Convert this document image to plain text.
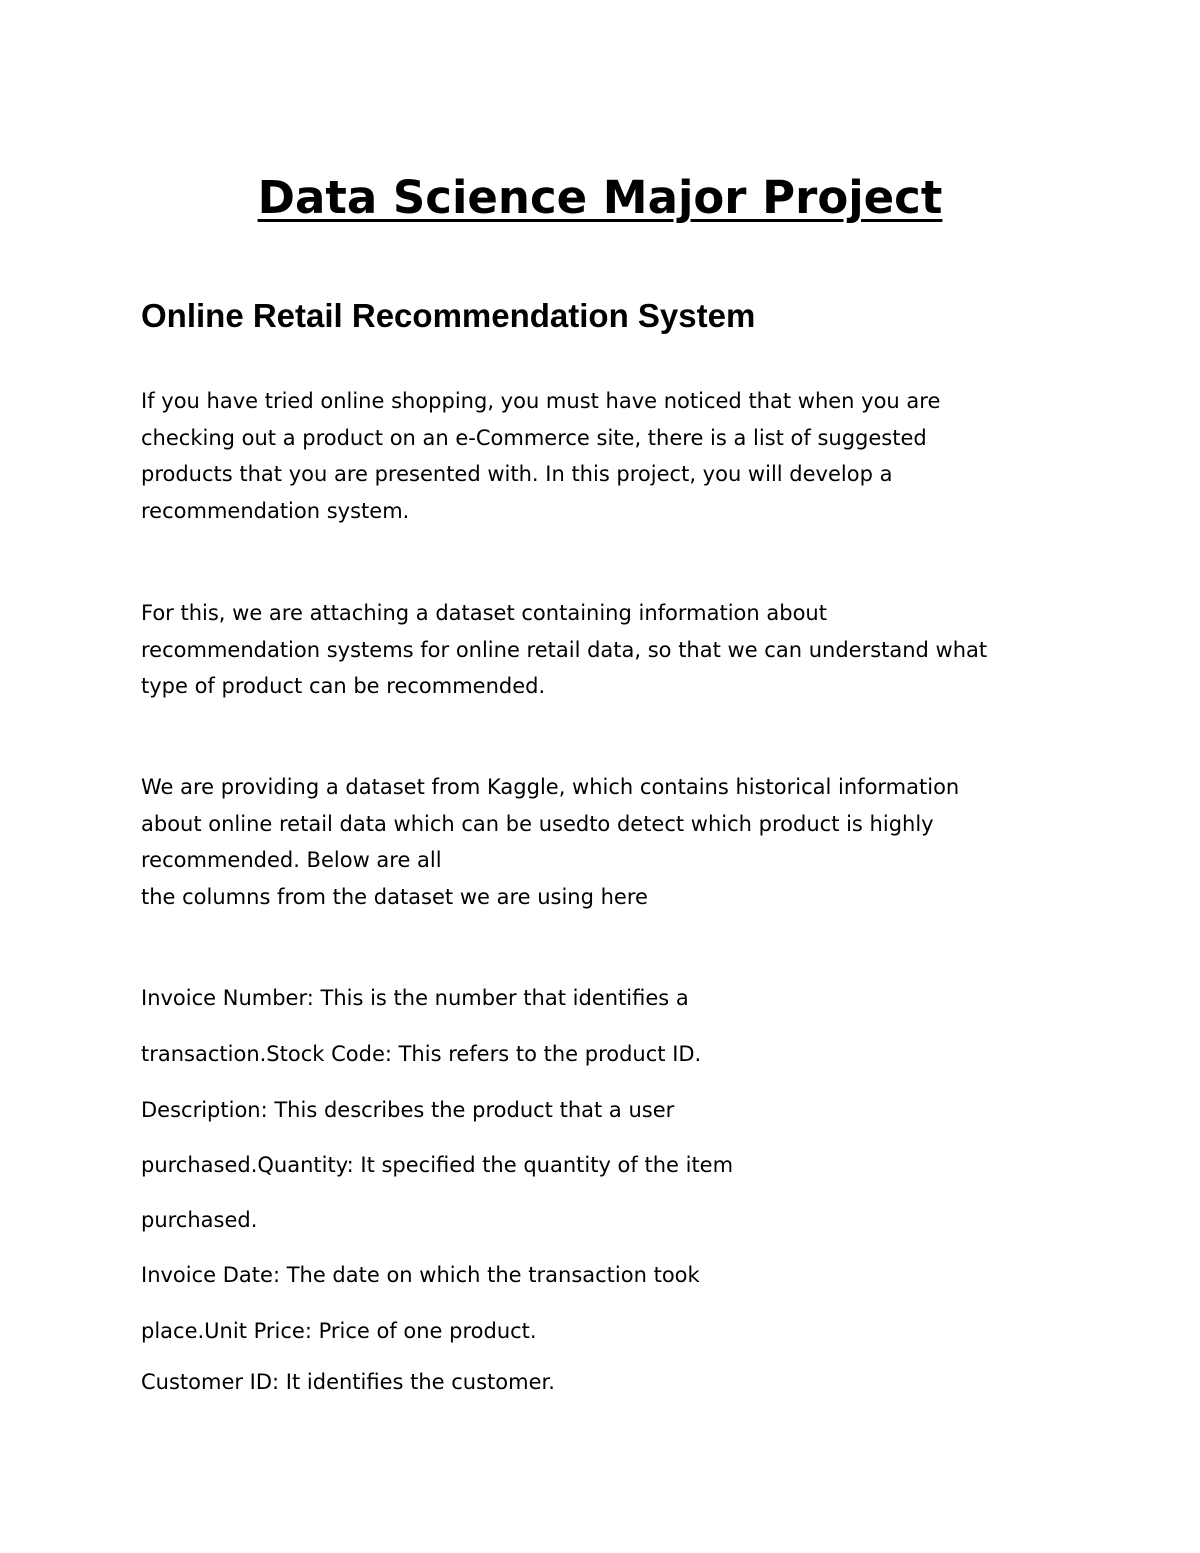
Data Science Major Project
Online Retail Recommendation System

If you have tried online shopping, you must have noticed that when you are
checking out a product on an e-Commerce site, there is a list of suggested
products that you are presented with. In this project, you will develop a
recommendation system.

For this, we are attaching a dataset containing information about
recommendation systems for online retail data, so that we can understand what
type of product can be recommended.

We are providing a dataset from Kaggle, which contains historical information
about online retail data which can be usedto detect which product is highly
recommended. Below are all
the columns from the dataset we are using here

Invoice Number: This is the number that identifies a

transaction.Stock Code: This refers to the product ID.

Description: This describes the product that a user

purchased.Quantity: It specified the quantity of the item

purchased.

Invoice Date: The date on which the transaction took

place.Unit Price: Price of one product.

Customer ID: It identifies the customer.
